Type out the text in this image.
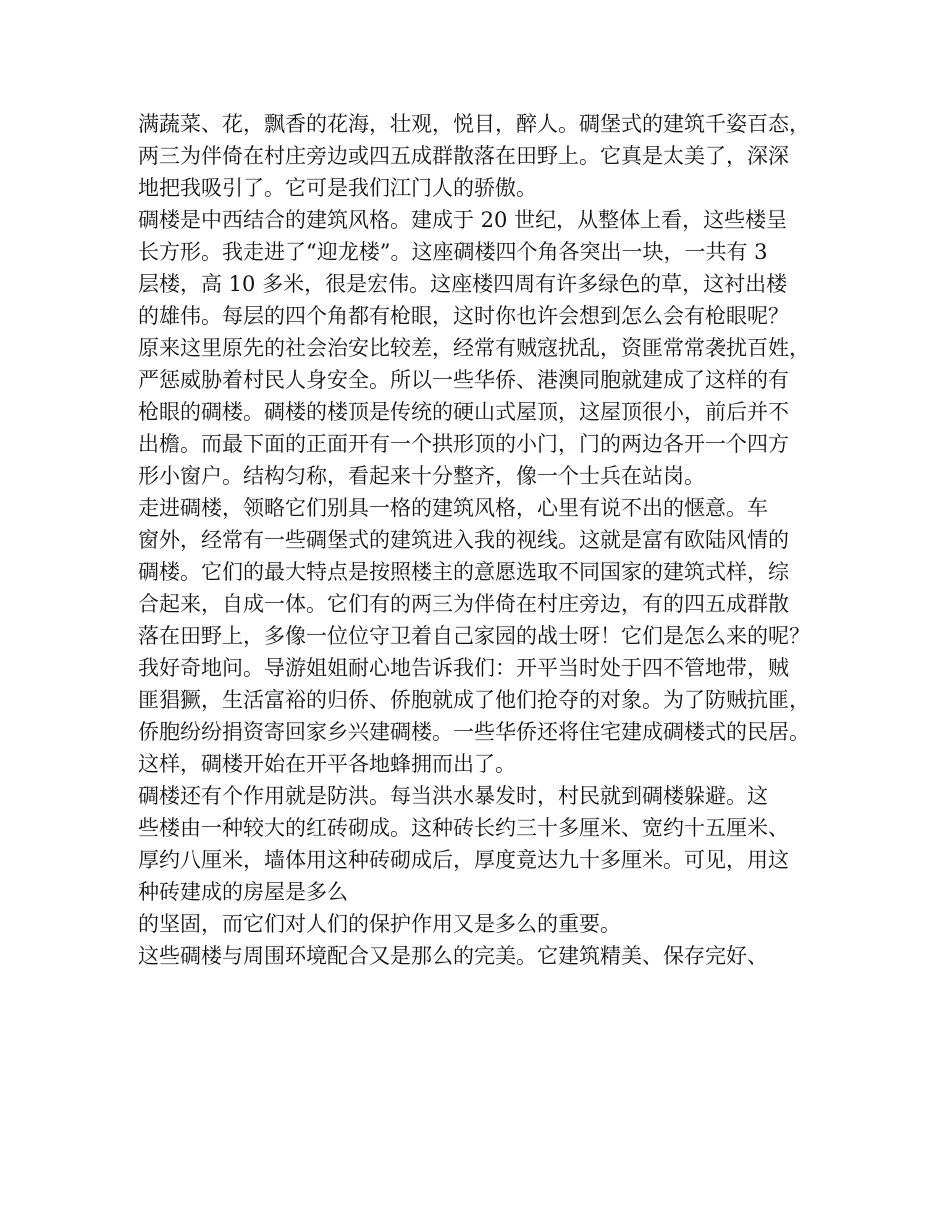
满蔬菜、花，飘香的花海，壮观，悦目，醉人。碉堡式的建筑千姿百态，
两三为伴倚在村庄旁边或四五成群散落在田野上。它真是太美了，深深
地把我吸引了。它可是我们江门人的骄傲。
碉楼是中西结合的建筑风格。建成于 20 世纪，从整体上看，这些楼呈
长方形。我走进了“迎龙楼”。这座碉楼四个角各突出一块，一共有 3
层楼，高 10 多米，很是宏伟。这座楼四周有许多绿色的草，这衬出楼
的雄伟。每层的四个角都有枪眼，这时你也许会想到怎么会有枪眼呢？
原来这里原先的社会治安比较差，经常有贼寇扰乱，资匪常常袭扰百姓，
严惩威胁着村民人身安全。所以一些华侨、港澳同胞就建成了这样的有
枪眼的碉楼。碉楼的楼顶是传统的硬山式屋顶，这屋顶很小，前后并不
出檐。而最下面的正面开有一个拱形顶的小门，门的两边各开一个四方
形小窗户。结构匀称，看起来十分整齐，像一个士兵在站岗。
走进碉楼，领略它们别具一格的建筑风格，心里有说不出的惬意。车
窗外，经常有一些碉堡式的建筑进入我的视线。这就是富有欧陆风情的
碉楼。它们的最大特点是按照楼主的意愿选取不同国家的建筑式样，综
合起来，自成一体。它们有的两三为伴倚在村庄旁边，有的四五成群散
落在田野上，多像一位位守卫着自己家园的战士呀！它们是怎么来的呢？
我好奇地问。导游姐姐耐心地告诉我们：开平当时处于四不管地带，贼
匪猖獗，生活富裕的归侨、侨胞就成了他们抢夺的对象。为了防贼抗匪，
侨胞纷纷捐资寄回家乡兴建碉楼。一些华侨还将住宅建成碉楼式的民居。
这样，碉楼开始在开平各地蜂拥而出了。
碉楼还有个作用就是防洪。每当洪水暴发时，村民就到碉楼躲避。这
些楼由一种较大的红砖砌成。这种砖长约三十多厘米、宽约十五厘米、
厚约八厘米，墙体用这种砖砌成后，厚度竟达九十多厘米。可见，用这
种砖建成的房屋是多么
的坚固，而它们对人们的保护作用又是多么的重要。
这些碉楼与周围环境配合又是那么的完美。它建筑精美、保存完好、
